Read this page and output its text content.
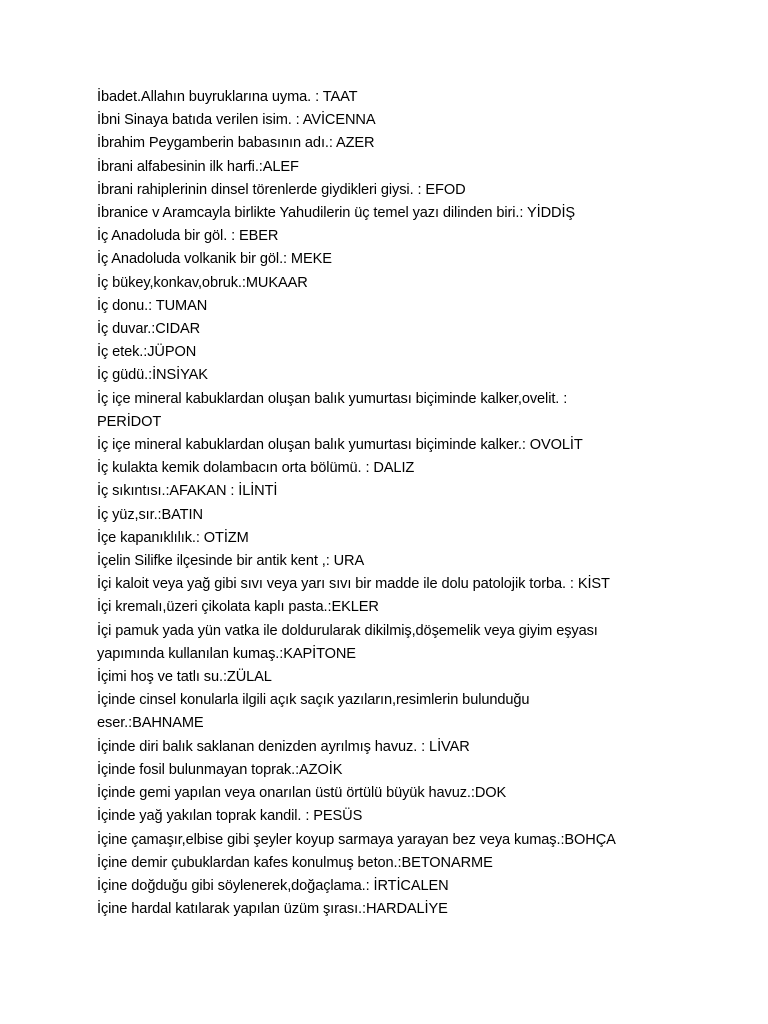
İbadet.Allahın buyruklarına uyma. : TAAT
İbni Sinaya batıda verilen isim. : AVİCENNA
İbrahim Peygamberin babasının adı.: AZER
İbrani alfabesinin ilk harfi.:ALEF
İbrani rahiplerinin dinsel törenlerde giydikleri giysi. : EFOD
İbranice v Aramcayla birlikte Yahudilerin üç temel yazı dilinden biri.: YİDDİŞ
İç Anadoluda bir göl. : EBER
İç Anadoluda volkanik bir göl.: MEKE
İç bükey,konkav,obruk.:MUKAAR
İç donu.: TUMAN
İç duvar.:CIDAR
İç etek.:JÜPON
İç güdü.:İNSİYAK
İç içe mineral kabuklardan oluşan balık yumurtası biçiminde kalker,ovelit. :
PERİDOT
İç içe mineral kabuklardan oluşan balık yumurtası biçiminde kalker.: OVOLİT
İç kulakta kemik dolambacın orta bölümü. : DALIZ
İç sıkıntısı.:AFAKAN : İLİNTİ
İç yüz,sır.:BATIN
İçe kapanıklılık.: OTİZM
İçelin Silifke ilçesinde bir antik kent ,: URA
İçi kaloit veya yağ gibi sıvı veya yarı sıvı bir madde ile dolu patolojik torba. : KİST
İçi kremalı,üzeri çikolata kaplı pasta.:EKLER
İçi pamuk yada yün vatka ile doldurularak dikilmiş,döşemelik veya giyim eşyası
yapımında kullanılan kumaş.:KAPİTONE
İçimi hoş ve tatlı su.:ZÜLAL
İçinde cinsel konularla ilgili açık saçık yazıların,resimlerin bulunduğu
eser.:BAHNAME
İçinde diri balık saklanan denizden ayrılmış havuz. : LİVAR
İçinde fosil bulunmayan toprak.:AZOİK
İçinde gemi yapılan veya onarılan üstü örtülü büyük havuz.:DOK
İçinde yağ yakılan toprak kandil. : PESÜS
İçine çamaşır,elbise gibi şeyler koyup sarmaya yarayan bez veya kumaş.:BOHÇA
İçine demir çubuklardan kafes konulmuş beton.:BETONARME
İçine doğduğu gibi söylenerek,doğaçlama.: İRTİCALEN
İçine hardal katılarak yapılan üzüm şırası.:HARDALİYE
